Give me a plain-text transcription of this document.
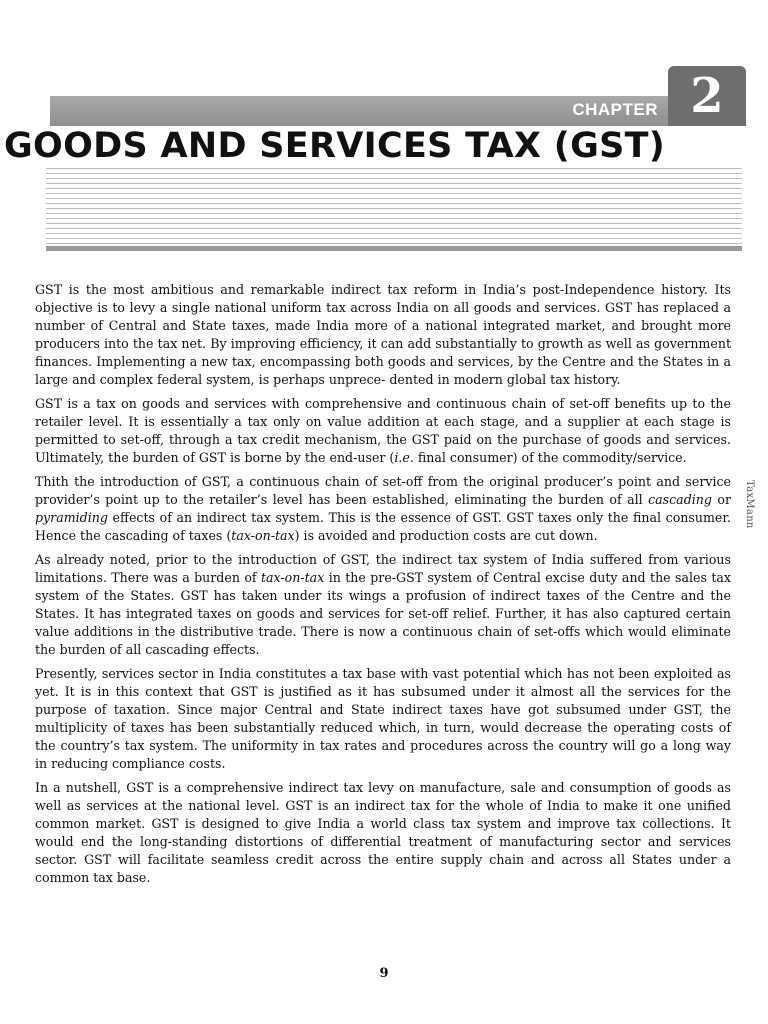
CHAPTER 2
GOODS AND SERVICES TAX (GST)
TaxMann

GST is the most ambitious and remarkable indirect tax reform in India’s post-Independence history. Its objective is to levy a single national uniform tax across India on all goods and services. GST has replaced a number of Central and State taxes, made India more of a national integrated market, and brought more producers into the tax net. By improving efficiency, it can add substantially to growth as well as government finances. Implementing a new tax, encompassing both goods and services, by the Centre and the States in a large and complex federal system, is perhaps unprece- dented in modern global tax history.

GST is a tax on goods and services with comprehensive and continuous chain of set-off benefits up to the retailer level. It is essentially a tax only on value addition at each stage, and a supplier at each stage is permitted to set-off, through a tax credit mechanism, the GST paid on the purchase of goods and services. Ultimately, the burden of GST is borne by the end-user (i.e. final consumer) of the commodity/service.

Thith the introduction of GST, a continuous chain of set-off from the original producer’s point and service provider’s point up to the retailer’s level has been established, eliminating the burden of all cascading or pyramiding effects of an indirect tax system. This is the essence of GST. GST taxes only the final consumer. Hence the cascading of taxes (tax-on-tax) is avoided and production costs are cut down.

As already noted, prior to the introduction of GST, the indirect tax system of India suffered from various limitations. There was a burden of tax-on-tax in the pre-GST system of Central excise duty and the sales tax system of the States. GST has taken under its wings a profusion of indirect taxes of the Centre and the States. It has integrated taxes on goods and services for set-off relief. Further, it has also captured certain value additions in the distributive trade. There is now a continuous chain of set-offs which would eliminate the burden of all cascading effects.

Presently, services sector in India constitutes a tax base with vast potential which has not been exploited as yet. It is in this context that GST is justified as it has subsumed under it almost all the services for the purpose of taxation. Since major Central and State indirect taxes have got subsumed under GST, the multiplicity of taxes has been substantially reduced which, in turn, would decrease the operating costs of the country’s tax system. The uniformity in tax rates and procedures across the country will go a long way in reducing compliance costs.

In a nutshell, GST is a comprehensive indirect tax levy on manufacture, sale and consumption of goods as well as services at the national level. GST is an indirect tax for the whole of India to make it one unified common market. GST is designed to give India a world class tax system and improve tax collections. It would end the long-standing distortions of differential treatment of manufacturing sector and services sector. GST will facilitate seamless credit across the entire supply chain and across all States under a common tax base.

9
